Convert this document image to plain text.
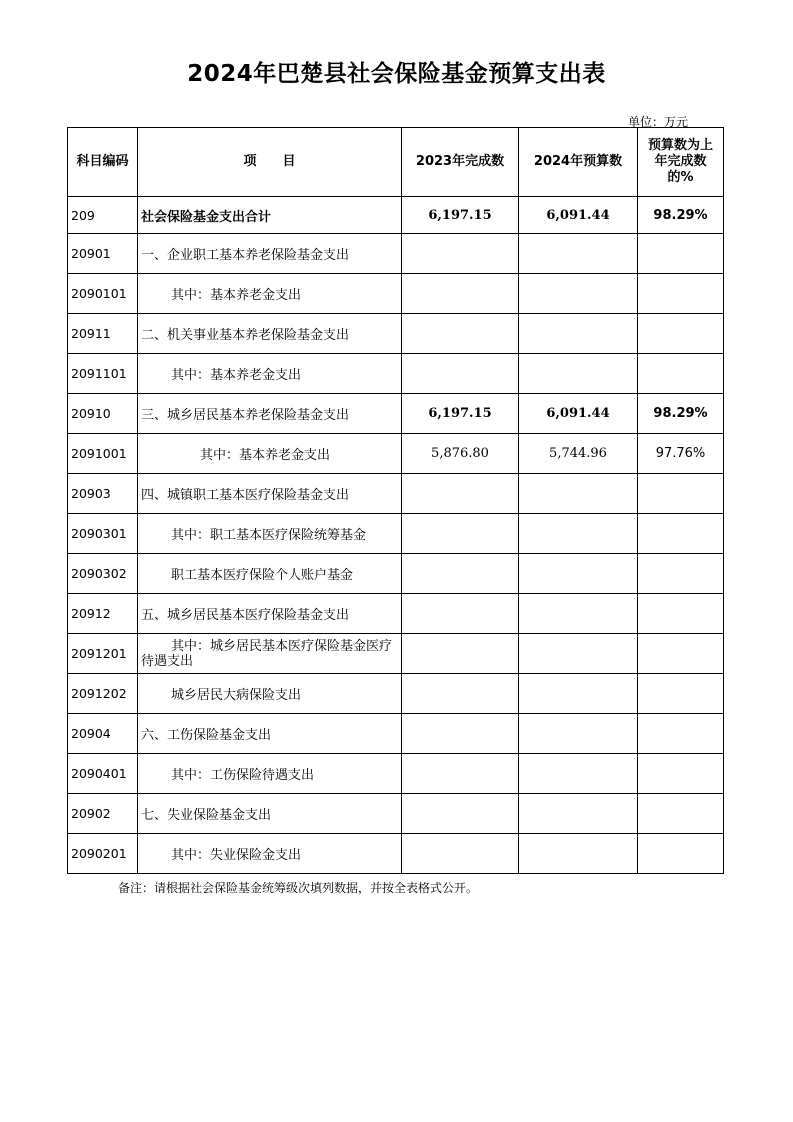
2024年巴楚县社会保险基金预算支出表
单位：万元
科目编码	项　　目	2023年完成数	2024年预算数	预算数为上年完成数的%
209	社会保险基金支出合计	6,197.15	6,091.44	98.29%
20901	一、企业职工基本养老保险基金支出			
2090101	其中：基本养老金支出			
20911	二、机关事业基本养老保险基金支出			
2091101	其中：基本养老金支出			
20910	三、城乡居民基本养老保险基金支出	6,197.15	6,091.44	98.29%
2091001	其中：基本养老金支出	5,876.80	5,744.96	97.76%
20903	四、城镇职工基本医疗保险基金支出			
2090301	其中：职工基本医疗保险统筹基金			
2090302	职工基本医疗保险个人账户基金			
20912	五、城乡居民基本医疗保险基金支出			
2091201	其中：城乡居民基本医疗保险基金医疗待遇支出			
2091202	城乡居民大病保险支出			
20904	六、工伤保险基金支出			
2090401	其中：工伤保险待遇支出			
20902	七、失业保险基金支出			
2090201	其中：失业保险金支出			
备注：请根据社会保险基金统筹级次填列数据，并按全表格式公开。
